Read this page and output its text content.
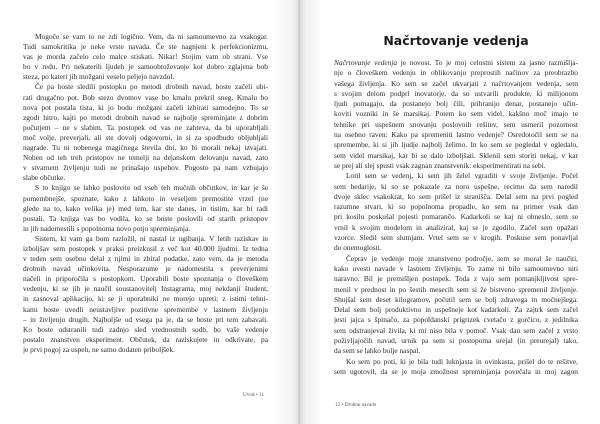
Mogoče se vam to ne zdi logično. Vem, da ni samoumevno za vsakogar.
Tudi samokritika je neke vrste navada. Če ste nagnjeni k perfekcionizmu,
vas je morda začelo celo malce stiskati. Nikar! Stojim vam ob strani. Vse
bo v redu. Pri nekaterih ljudeh je samoobtoževanje kot dobro zglajena bob
steza, po kateri jih možgani veselo peljejo navzdol.
Če pa boste sledili postopku po metodi drobnih navad, boste začeli ubi-
rati drugačno pot. Bob stezo dvomov vase bo kmalu prekril sneg. Kmalu bo
nova pot postala tista, ki jo bodo možgani začeli izbirati samodejno. To se
zgodi hitro, kajti po metodi drobnih navad se najbolje spreminjate z dobrim
počutjem – ne s slabim. Ta postopek od vas ne zahteva, da bi uporabljali
moč volje, preverjali, ali ste dovolj odgovorni, in si za spodbudo obljubljali
nagrade. Tu ni nobenega magičnega števila dni, ko bi morali nekaj izvajati.
Noben od teh treh pristopov ne temelji na dejanskem delovanju navad, zato
v stvarnem življenju tudi ne prinašajo uspehov. Pogosto pa nam vzbujajo
slabe občutke.
S to knjigo se lahko poslovite od vseh teh mučnih občutkov, in kar je še
pomembnejše, spoznate, kako z lahkoto in veseljem premostite vrzel (ne
glede na to, kako velika je) med tem, kar ste danes, in tistim, kar bi radi
postali. Ta knjiga vas bo vodila, ko se boste poslovili od starih pristopov
in jih nadomestili s popolnoma novo potjo spreminjanja.
Sistem, ki vam ga bom razložil, ni nastal iz ugibanja. V letih raziskav in
izboljšav sem postopek v praksi preizkusil z več kot 40.000 ljudmi. Iz tedna
v teden sem osebno delal z njimi in zbiral podatke, zato vem, da je metoda
drobnih navad učinkovita. Nesporazume je nadomestila s preverjenimi
načeli in priporočila s postopkom. Uporabili boste spoznanja o človeškem
vedenju, ki se jih je naučil soustanovitelj Instagrama, moj nekdanji študent,
in zasnoval aplikacijo, ki se ji uporabniki ne morejo upreti; z istimi tehni-
kami boste uvedli neustavljive pozitivne spremembe v lastnem življenju
– in življenju drugih. Najboljše od vsega pa je, da se boste pri tem zabavali.
Ko boste odstranili tudi zadnjo sled vrednostnih sodb, bo vaše vedenje
postalo znanstven eksperiment. Občutek, da raziskujete in odkrivate, pa
je prvi pogoj za uspeh, ne samo dodaten priboljšek.
Načrtovanje vedenja
Načrtovanje vedenja je novost. To je moj celostni sistem za jasno razmišlja-
nje o človeškem vedenju in oblikovanju preprostih načinov za preobrazbo
vašega življenja. Ko sem se začel ukvarjati z načrtovanjem vedenja, sem
s svojim delom podprl inovatorje, da so ustvarili produkte, ki milijonom
ljudi pomagajo, da postanejo bolj čili, prihranijo denar, postanejo učin-
koviti vozniki in še marsikaj. Potem ko sem videl, kakšno moč imajo te
tehnike pri uspešnem snovanju poslovnih rešitev, sem usmeril pozornost
na osebno raven: Kako pa spremeniti lastno vedenje? Osredotočil sem se na
spremembe, ki si jih ljudje najbolj želimo. In ko sem se pogledal v ogledalo,
sem videl marsikaj, kar bi se dalo izboljšati. Sklenil sem storiti nekaj, v kar
se prej ali slej spusti vsak zagnan znanstvenik: eksperimentirati na sebi.
Lotil sem se vedenj, ki sem jih želel vgraditi v svoje življenje. Počel
sem bedarije, ki so se pokazale za noro uspešne, recimo da sem naredil
dvoje sklec vsakokrat, ko sem prišel iz stranišča. Delal sem na prvi pogled
razumne stvari, ki so popolnoma propadle, ko sem na primer vsak dan
pri kosilu poskušal pojesti pomarančo. Kadarkoli se kaj ni obneslo, sem se
vrnil k svojim modelom in analiziral, kaj se je zgodilo. Začel sem opažati
vzorce. Sledil sem slutnjam. Vrtel sem se v krogih. Poskuse sem ponavljal
do onemoglosti.
Čeprav je vedenje moje znanstveno področje, sem se moral še naučiti,
kako uvesti navade v lastnem življenju. To zame ni bilo samoumevno niti
naravno. Bil je premišljen postopek. Toda z vajo sem pomanjkljivost spre-
menil v prednost in po šestih mesecih sem si že bistveno spremenil življenje.
Shujšal sem deset kilogramov, počutil sem se bolj zdravega in močnejšega.
Delal sem bolj produktivno in uspešneje kot kadarkoli. Za zajtrk sem začel
jesti jajca s špinačo, za popoldanski prigrizek cvetačo z gorčico, z jedilnika
sem odstranjeval živila, ki mi niso bila v pomoč. Vsak dan sem začel z vrsto
poživljajočih navad, urnik pa sem si postopoma urejal (in preurejal) tako,
da sem se lahko bolje naspal.
Ko sem po poti, ki je bila tudi luknjasta in ovinkasta, prišel do te rešitve,
sem ugotovil, da se je moja zmožnost spreminjanja povečala in moj zagon
Uvod • 11
12 • Drobne navade
